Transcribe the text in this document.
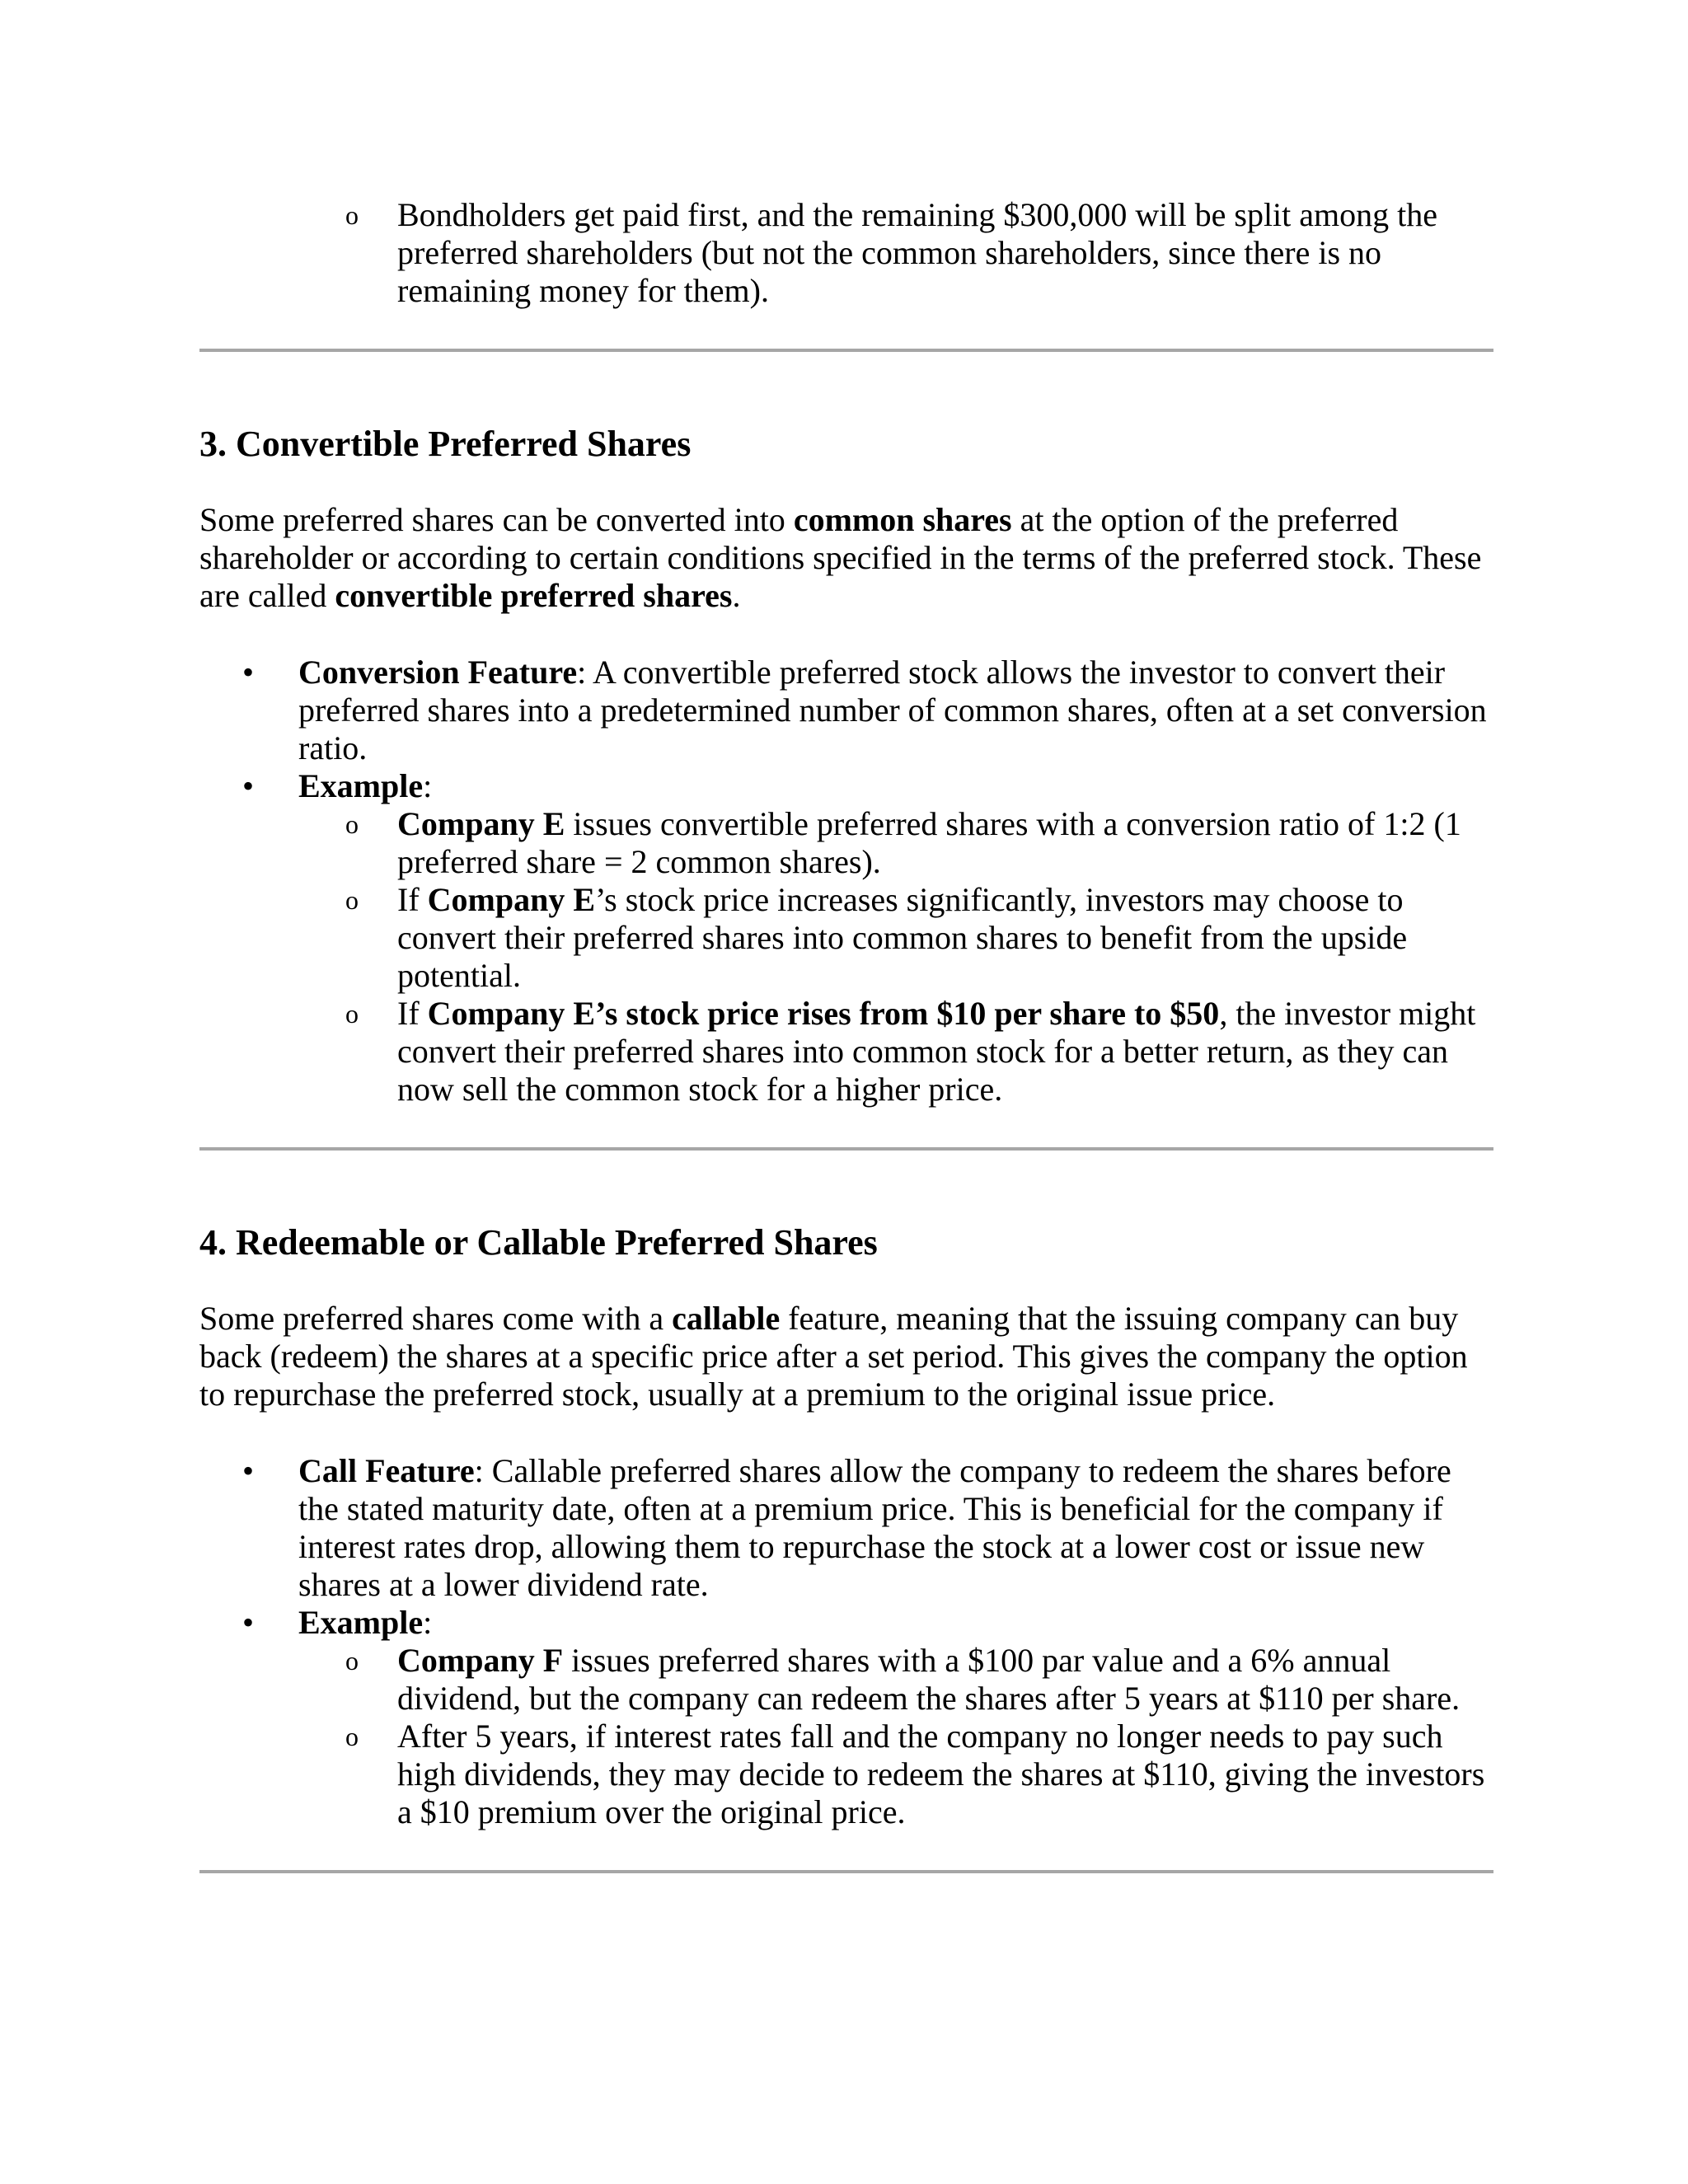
o Bondholders get paid first, and the remaining $300,000 will be split among the preferred shareholders (but not the common shareholders, since there is no remaining money for them).
3. Convertible Preferred Shares

Some preferred shares can be converted into common shares at the option of the preferred shareholder or according to certain conditions specified in the terms of the preferred stock. These are called convertible preferred shares.

• Conversion Feature: A convertible preferred stock allows the investor to convert their preferred shares into a predetermined number of common shares, often at a set conversion ratio.
• Example:
o Company E issues convertible preferred shares with a conversion ratio of 1:2 (1 preferred share = 2 common shares).
o If Company E’s stock price increases significantly, investors may choose to convert their preferred shares into common shares to benefit from the upside potential.
o If Company E’s stock price rises from $10 per share to $50, the investor might convert their preferred shares into common stock for a better return, as they can now sell the common stock for a higher price.
4. Redeemable or Callable Preferred Shares

Some preferred shares come with a callable feature, meaning that the issuing company can buy back (redeem) the shares at a specific price after a set period. This gives the company the option to repurchase the preferred stock, usually at a premium to the original issue price.

• Call Feature: Callable preferred shares allow the company to redeem the shares before the stated maturity date, often at a premium price. This is beneficial for the company if interest rates drop, allowing them to repurchase the stock at a lower cost or issue new shares at a lower dividend rate.
• Example:
o Company F issues preferred shares with a $100 par value and a 6% annual dividend, but the company can redeem the shares after 5 years at $110 per share.
o After 5 years, if interest rates fall and the company no longer needs to pay such high dividends, they may decide to redeem the shares at $110, giving the investors a $10 premium over the original price.
